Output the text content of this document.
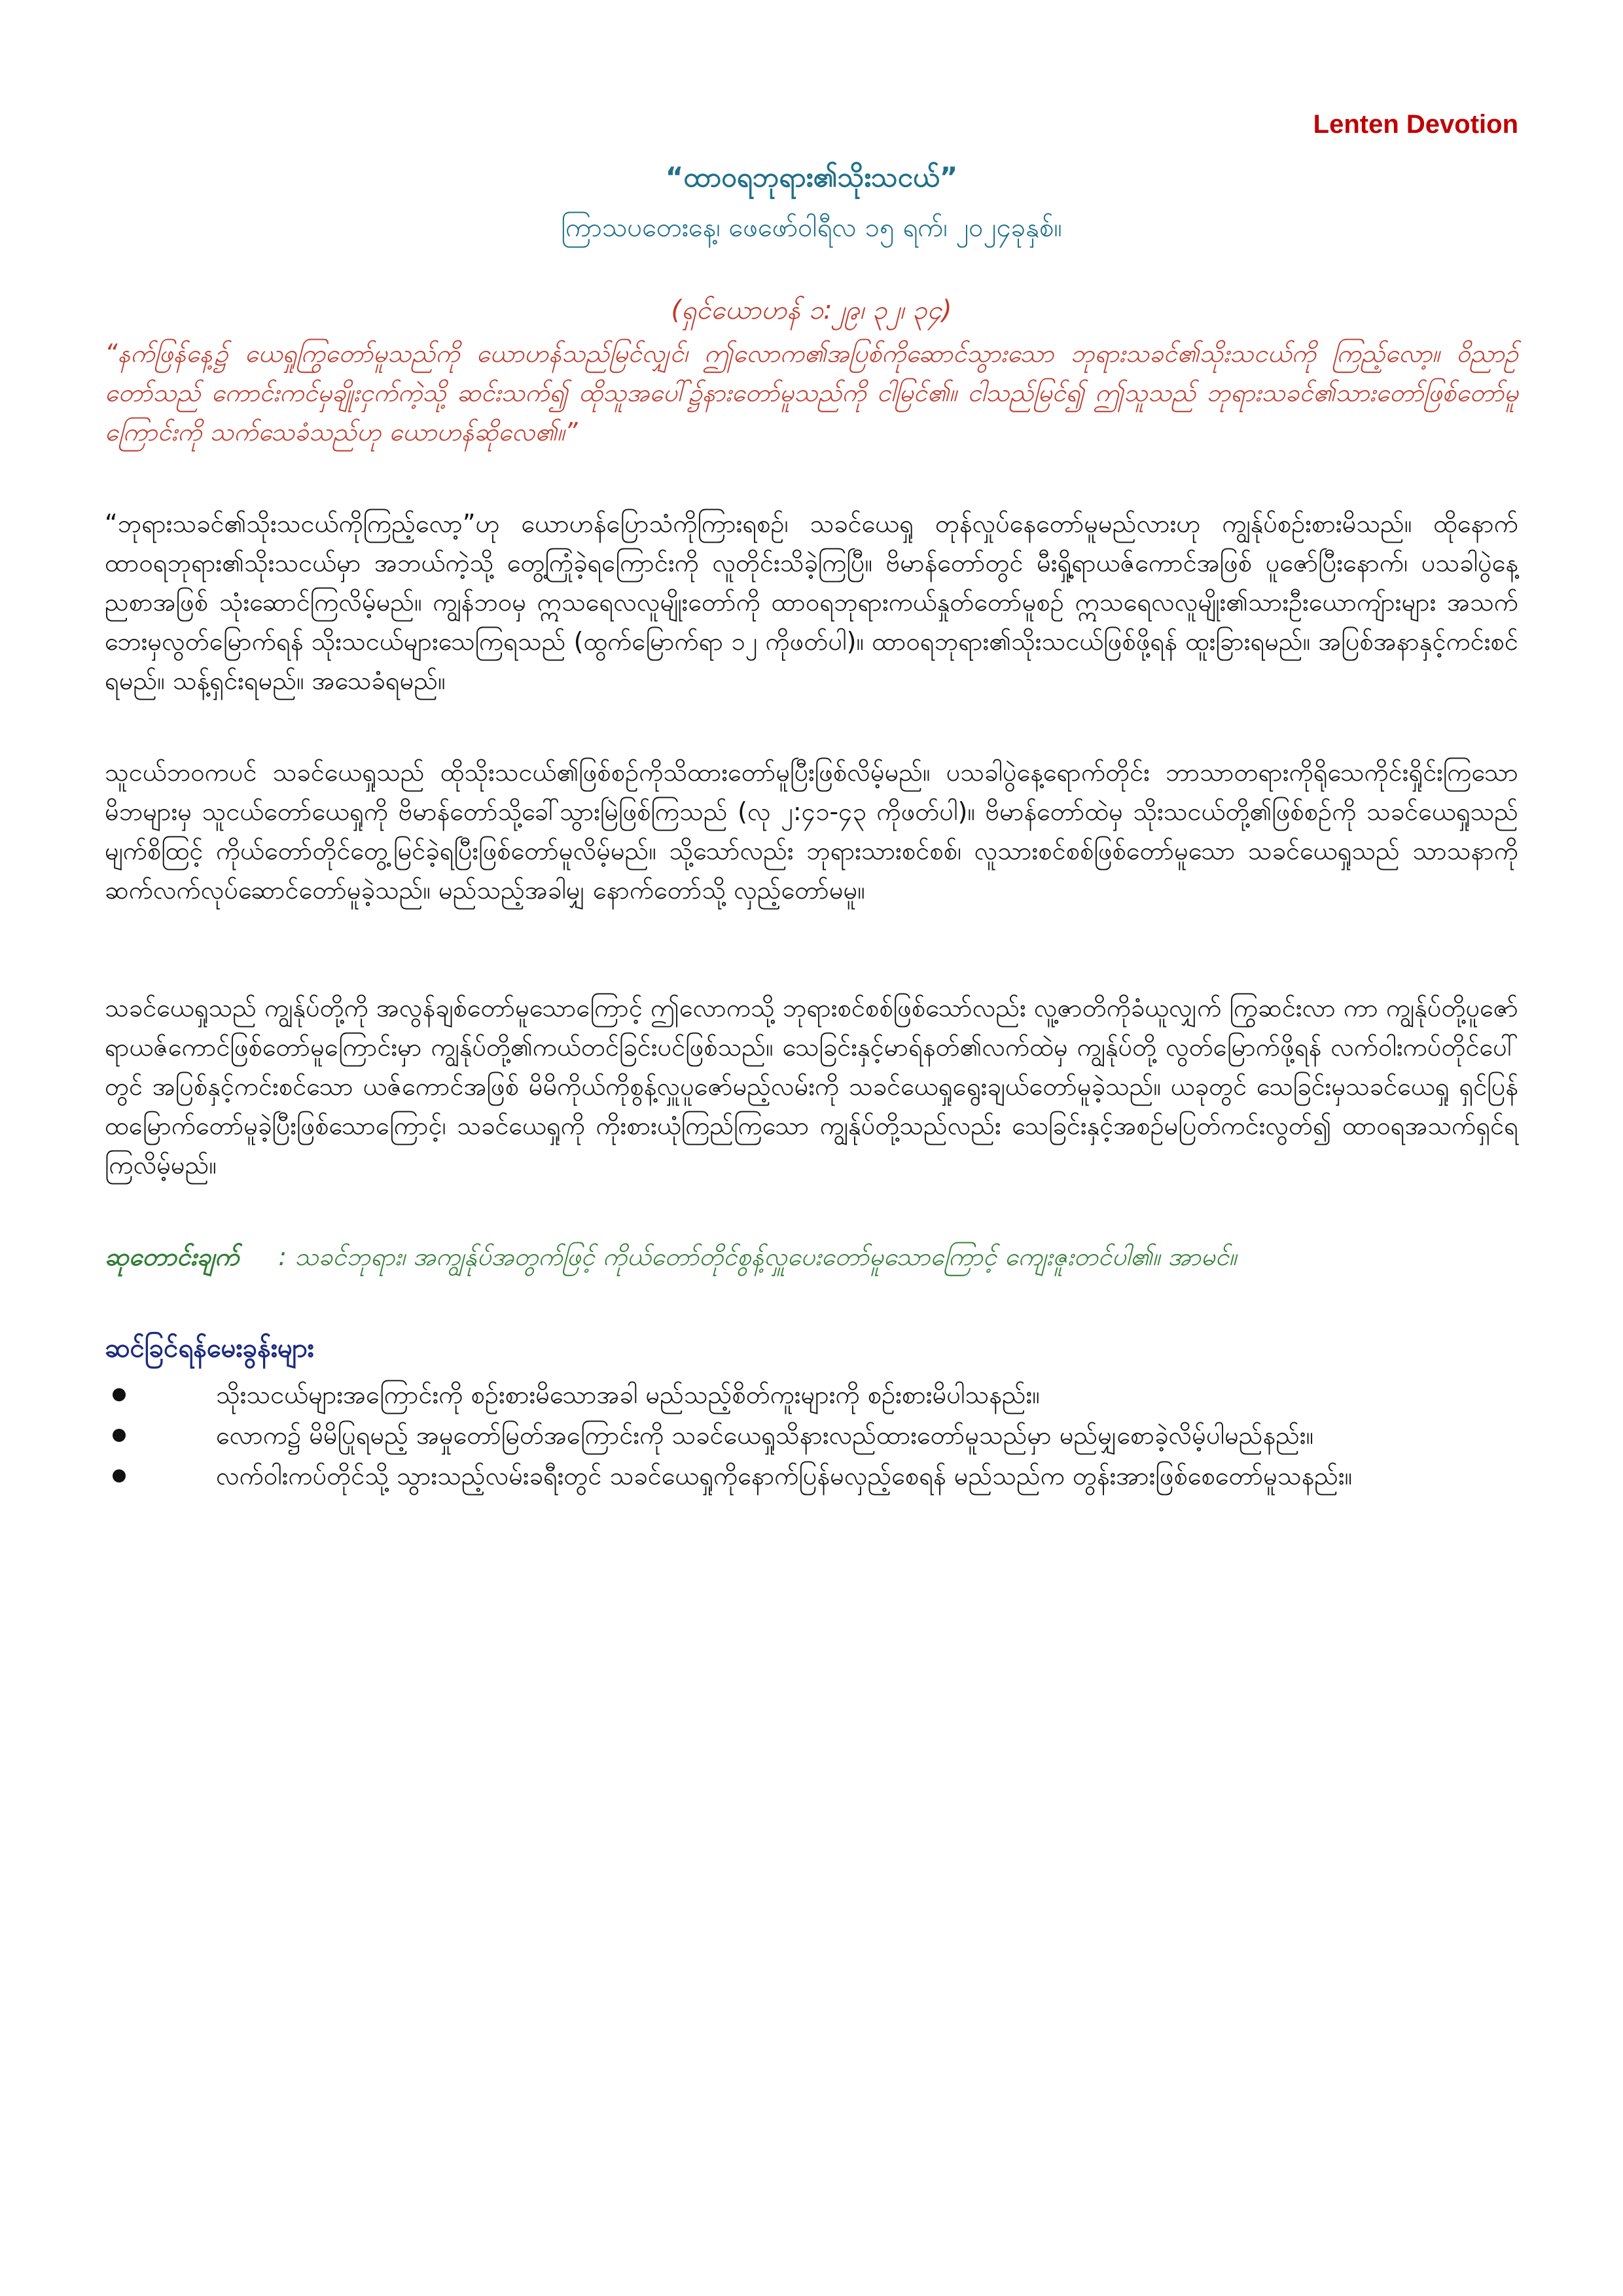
Lenten Devotion
“ထာဝရဘုရား၏သိုးသငယ်”
ကြာသပတေးနေ့၊ ဖေဖော်ဝါရီလ ၁၅ ရက်၊ ၂၀၂၄ခုနှစ်။
(ရှင်ယောဟန် ၁:၂၉၊ ၃၂၊ ၃၄)
“နက်ဖြန်နေ့၌ ယေရှုကြွတော်မူသည်ကို ယောဟန်သည်မြင်လျှင်၊ ဤလောက၏အပြစ်ကိုဆောင်သွားသော ဘုရားသခင်၏သိုးသငယ်ကို ကြည့်လော့။ ဝိညာဉ်တော်သည် ကောင်းကင်မှချိုးငှက်ကဲ့သို့ ဆင်းသက်၍ ထိုသူအပေါ်၌နားတော်မူသည်ကို ငါမြင်၏။ ငါသည်မြင်၍ ဤသူသည် ဘုရားသခင်၏သားတော်ဖြစ်တော်မူကြောင်းကို သက်သေခံသည်ဟု ယောဟန်ဆိုလေ၏။”
“ဘုရားသခင်၏သိုးသငယ်ကိုကြည့်လော့”ဟု ယောဟန်ပြောသံကိုကြားရစဉ်၊ သခင်ယေရှု တုန်လှုပ်နေတော်မူမည်လားဟု ကျွန်ုပ်စဉ်းစားမိသည်။ ထိုနောက် ထာဝရဘုရား၏သိုးသငယ်မှာ အဘယ်ကဲ့သို့ တွေ့ကြုံခဲ့ရကြောင်းကို လူတိုင်းသိခဲ့ကြပြီ။ ဗိမာန်တော်တွင် မီးရှို့ရာယဇ်ကောင်အဖြစ် ပူဇော်ပြီးနောက်၊ ပသခါပွဲနေ့ညစာအဖြစ် သုံးဆောင်ကြလိမ့်မည်။ ကျွန်ဘဝမှ ဣသရေလလူမျိုးတော်ကို ထာဝရဘုရားကယ်နှုတ်တော်မူစဉ် ဣသရေလလူမျိုး၏သားဦးယောကျ်ားများ အသက်ဘေးမှလွတ်မြောက်ရန် သိုးသငယ်များသေကြရသည် (ထွက်မြောက်ရာ ၁၂ ကိုဖတ်ပါ)။ ထာဝရဘုရား၏သိုးသငယ်ဖြစ်ဖို့ရန် ထူးခြားရမည်။ အပြစ်အနာနှင့်ကင်းစင်ရမည်။ သန့်ရှင်းရမည်။ အသေခံရမည်။
သူငယ်ဘဝကပင် သခင်ယေရှုသည် ထိုသိုးသငယ်၏ဖြစ်စဉ်ကိုသိထားတော်မူပြီးဖြစ်လိမ့်မည်။ ပသခါပွဲနေ့ရောက်တိုင်း ဘာသာတရားကိုရိုသေကိုင်းရှိုင်းကြသော မိဘများမှ သူငယ်တော်ယေရှုကို ဗိမာန်တော်သို့ခေါ်သွားမြဲဖြစ်ကြသည် (လု ၂:၄၁-၄၃ ကိုဖတ်ပါ)။ ဗိမာန်တော်ထဲမှ သိုးသငယ်တို့၏ဖြစ်စဉ်ကို သခင်ယေရှုသည်မျက်စိထြင့် ကိုယ်တော်တိုင်တွေ့မြင်ခဲ့ရပြီးဖြစ်တော်မူလိမ့်မည်။ သို့သော်လည်း ဘုရားသားစင်စစ်၊ လူသားစင်စစ်ဖြစ်တော်မူသော သခင်ယေရှုသည် သာသနာကိုဆက်လက်လုပ်ဆောင်တော်မူခဲ့သည်။ မည်သည့်အခါမျှ နောက်တော်သို့ လှည့်တော်မမူ။
သခင်ယေရှုသည် ကျွန်ုပ်တို့ကို အလွန်ချစ်တော်မူသောကြောင့် ဤလောကသို့ ဘုရားစင်စစ်ဖြစ်သော်လည်း လူ့ဇာတိကိုခံယူလျှက် ကြွဆင်းလာ ကာ ကျွန်ုပ်တို့ပူဇော်ရာယဇ်ကောင်ဖြစ်တော်မူကြောင်းမှာ ကျွန်ုပ်တို့၏ကယ်တင်ခြင်းပင်ဖြစ်သည်။ သေခြင်းနှင့်မာရ်နတ်၏လက်ထဲမှ ကျွန်ုပ်တို့ လွတ်မြောက်ဖို့ရန် လက်ဝါးကပ်တိုင်ပေါ်တွင် အပြစ်နှင့်ကင်းစင်သော ယဇ်ကောင်အဖြစ် မိမိကိုယ်ကိုစွန့်လှူပူဇော်မည့်လမ်းကို သခင်ယေရှုရွေးချယ်တော်မူခဲ့သည်။ ယခုတွင် သေခြင်းမှသခင်ယေရှု ရှင်ပြန်ထမြောက်တော်မူခဲ့ပြီးဖြစ်သောကြောင့်၊ သခင်ယေရှုကို ကိုးစားယုံကြည်ကြသော ကျွန်ုပ်တို့သည်လည်း သေခြင်းနှင့်အစဉ်မပြတ်ကင်းလွတ်၍ ထာဝရအသက်ရှင်ရကြလိမ့်မည်။
ဆုတောင်းချက် : သခင်ဘုရား၊ အကျွန်ုပ်အတွက်ဖြင့် ကိုယ်တော်တိုင်စွန့်လှူပေးတော်မူသောကြောင့် ကျေးဇူးတင်ပါ၏။ အာမင်။
ဆင်ခြင်ရန်မေးခွန်းများ
သိုးသငယ်များအကြောင်းကို စဉ်းစားမိသောအခါ မည်သည့်စိတ်ကူးများကို စဉ်းစားမိပါသနည်း။
လောက၌ မိမိပြုရမည့် အမှုတော်မြတ်အကြောင်းကို သခင်ယေရှုသိနားလည်ထားတော်မူသည်မှာ မည်မျှစောခဲ့လိမ့်ပါမည်နည်း။
လက်ဝါးကပ်တိုင်သို့ သွားသည့်လမ်းခရီးတွင် သခင်ယေရှုကိုနောက်ပြန်မလှည့်စေရန် မည်သည်က တွန်းအားဖြစ်စေတော်မူသနည်း။
